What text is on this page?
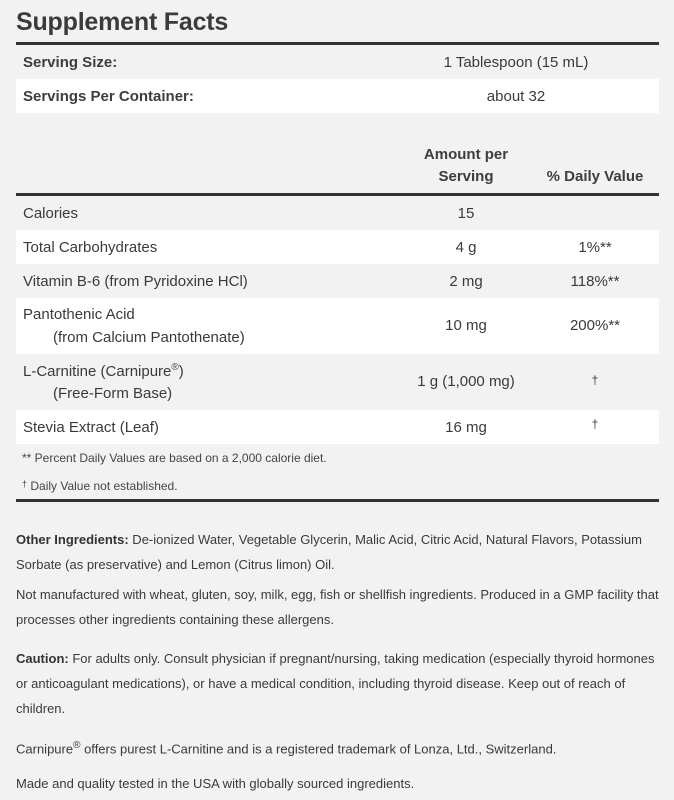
Supplement Facts
Serving Size:	1 Tablespoon (15 mL)
Servings Per Container:	about 32
Amount per
Serving	% Daily Value
Calories	15
Total Carbohydrates	4 g	1%**
Vitamin B-6 (from Pyridoxine HCl)	2 mg	118%**
Pantothenic Acid
(from Calcium Pantothenate)
10 mg	200%**
L-Carnitine (Carnipure®)
(Free-Form Base)
1 g (1,000 mg)	†
Stevia Extract (Leaf)	16 mg	†
** Percent Daily Values are based on a 2,000 calorie diet.
† Daily Value not established.
Other Ingredients: De-ionized Water, Vegetable Glycerin, Malic Acid, Citric Acid, Natural Flavors, Potassium Sorbate (as preservative) and Lemon (Citrus limon) Oil.
Not manufactured with wheat, gluten, soy, milk, egg, fish or shellfish ingredients. Produced in a GMP facility that processes other ingredients containing these allergens.
Caution: For adults only. Consult physician if pregnant/nursing, taking medication (especially thyroid hormones or anticoagulant medications), or have a medical condition, including thyroid disease. Keep out of reach of children.
Carnipure® offers purest L-Carnitine and is a registered trademark of Lonza, Ltd., Switzerland.
Made and quality tested in the USA with globally sourced ingredients.
